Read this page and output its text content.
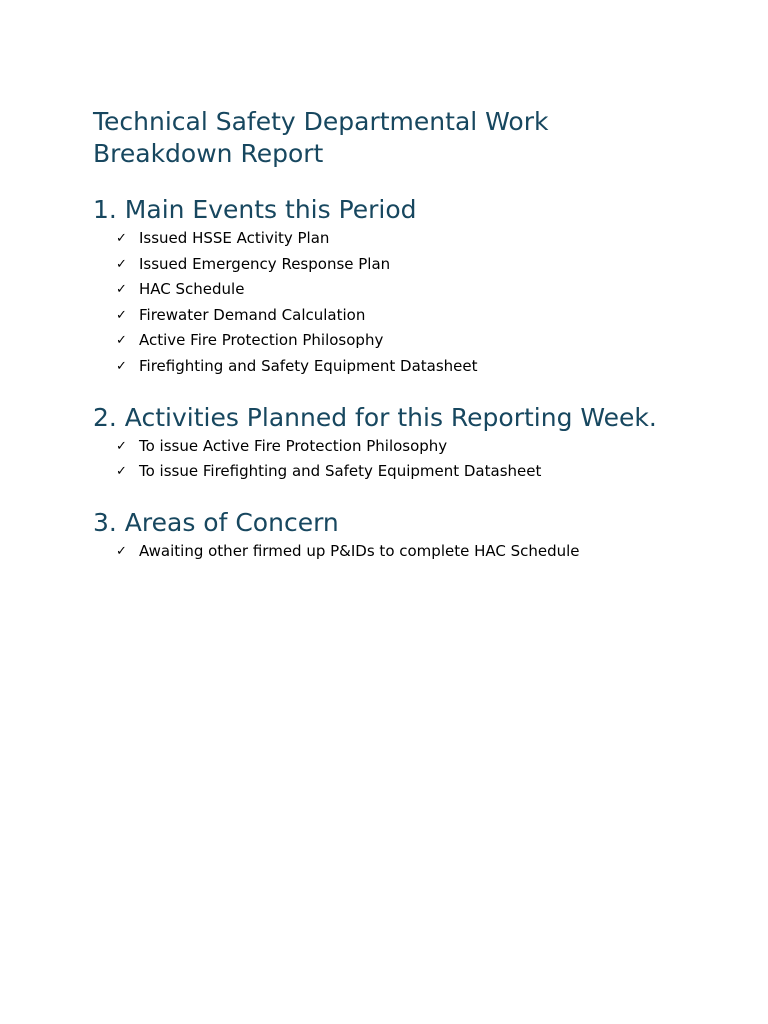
Technical Safety Departmental Work
Breakdown Report
1. Main Events this Period
✓ Issued HSSE Activity Plan
✓ Issued Emergency Response Plan
✓ HAC Schedule
✓ Firewater Demand Calculation
✓ Active Fire Protection Philosophy
✓ Firefighting and Safety Equipment Datasheet
2. Activities Planned for this Reporting Week.
✓ To issue Active Fire Protection Philosophy
✓ To issue Firefighting and Safety Equipment Datasheet
3. Areas of Concern
✓ Awaiting other firmed up P&IDs to complete HAC Schedule
